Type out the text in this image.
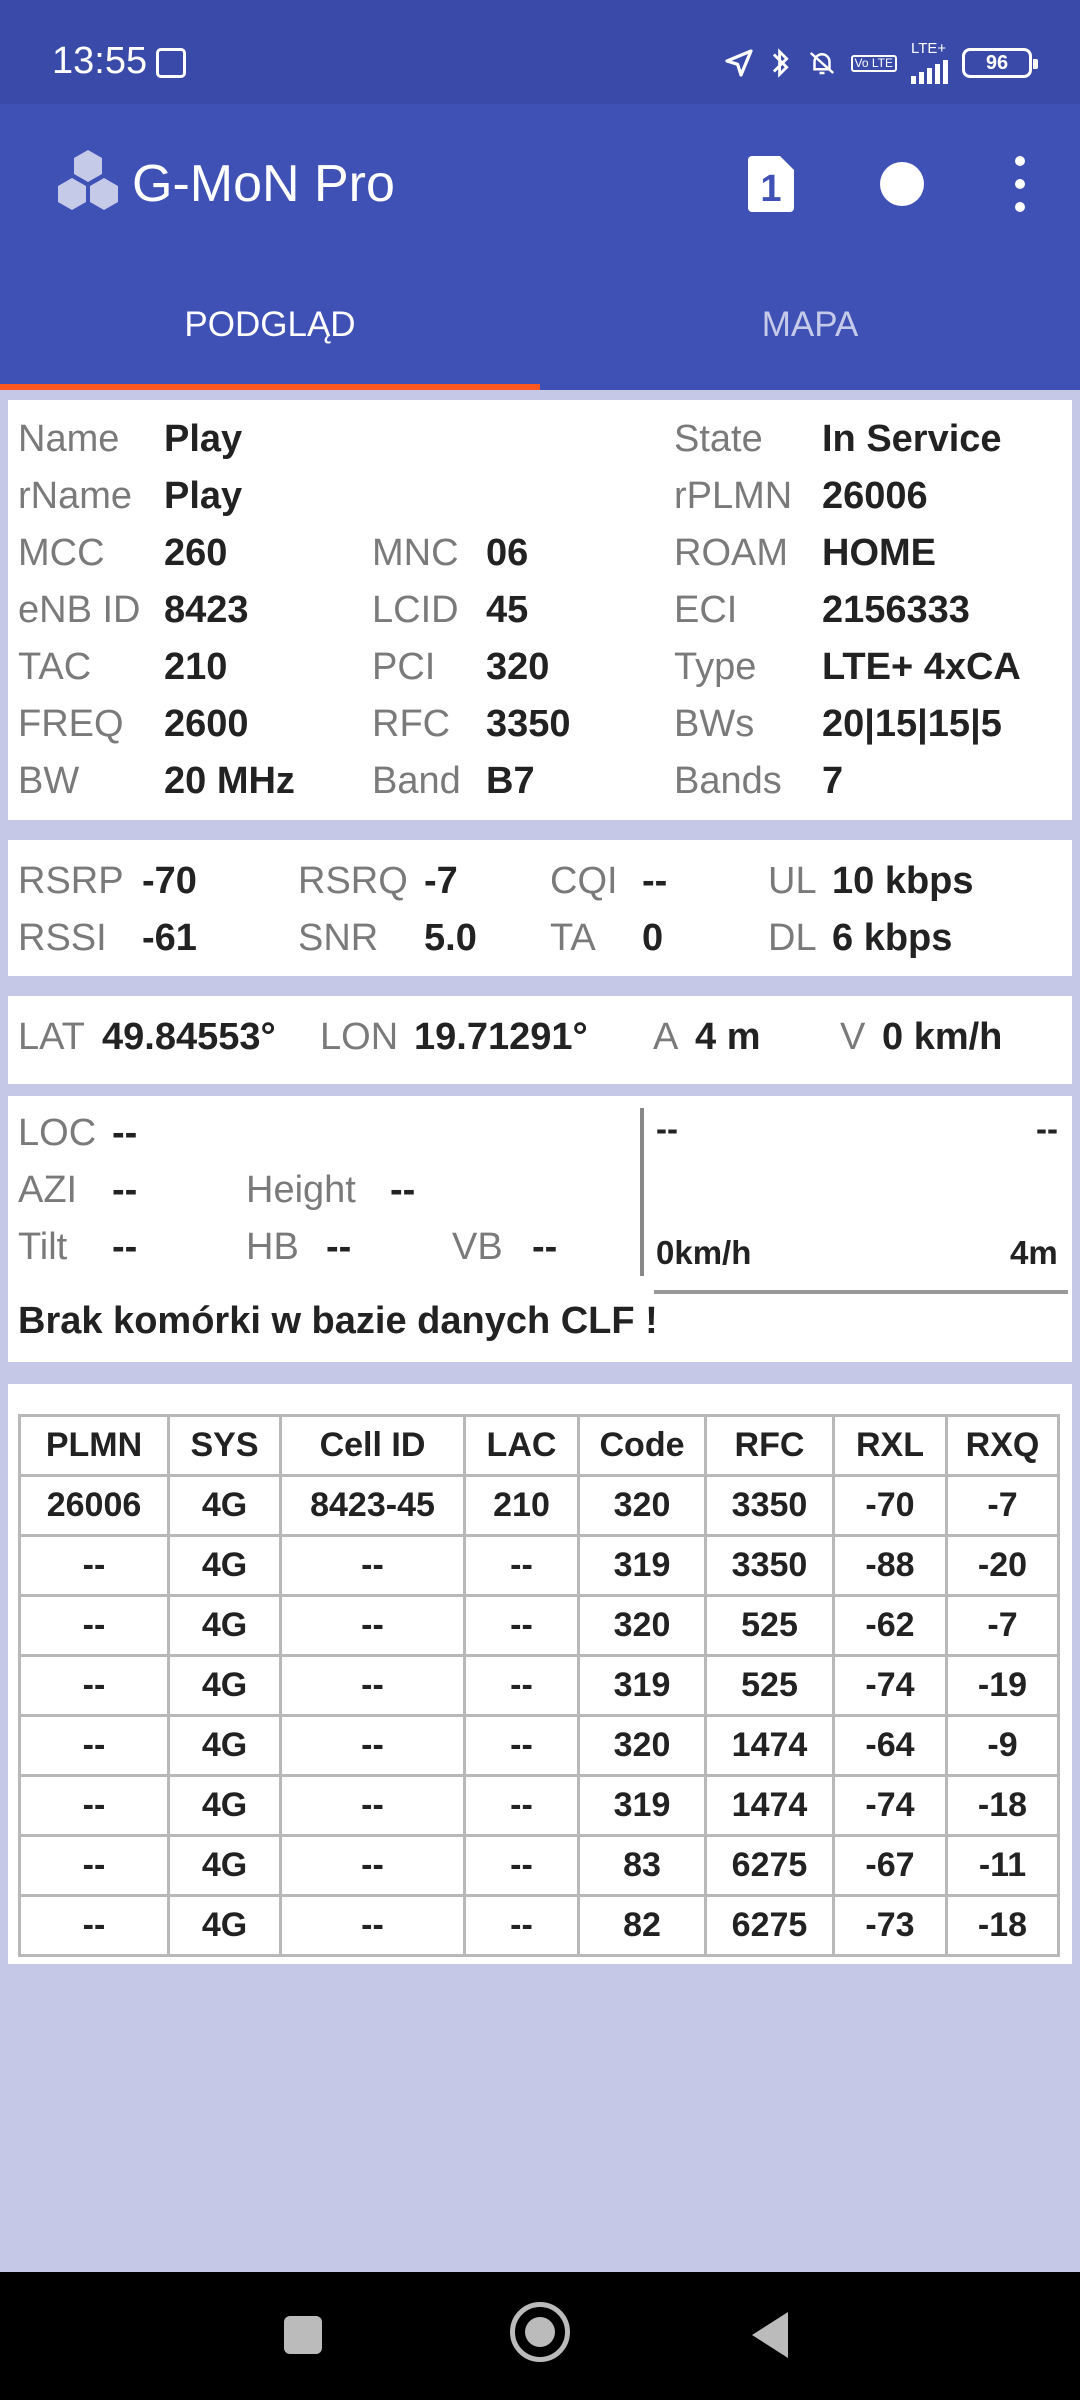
13:55	Vo LTE
LTE+
96
G-MoN Pro	1
PODGLĄD	MAPA
Name Play	State In Service
rName Play	rPLMN 26006
MCC 260	MNC 06	ROAM HOME
eNB ID 8423	LCID 45	ECI 2156333
TAC 210	PCI 320	Type LTE+ 4xCA
FREQ 2600	RFC 3350	BWs 20|15|15|5
BW 20 MHz Band B7	Bands 7
RSRP -70	RSRQ -7 CQI --	UL 10 kbps
RSSI -61	SNR 5.0 TA 0	DL 6 kbps
LAT 49.84553° LON 19.71291° A 4 m V 0 km/h
LOC --
AZI --	Height --
Tilt --	HB --	VB --
--	--
0km/h	4m
Brak komórki w bazie danych CLF !
PLMN	SYS	Cell ID	LAC	Code	RFC	RXL	RXQ
26006	4G	8423-45	210	320	3350	-70	-7
--	4G	--	--	319	3350	-88	-20
--	4G	--	--	320	525	-62	-7
--	4G	--	--	319	525	-74	-19
--	4G	--	--	320	1474	-64	-9
--	4G	--	--	319	1474	-74	-18
--	4G	--	--	83	6275	-67	-11
--	4G	--	--	82	6275	-73	-18
